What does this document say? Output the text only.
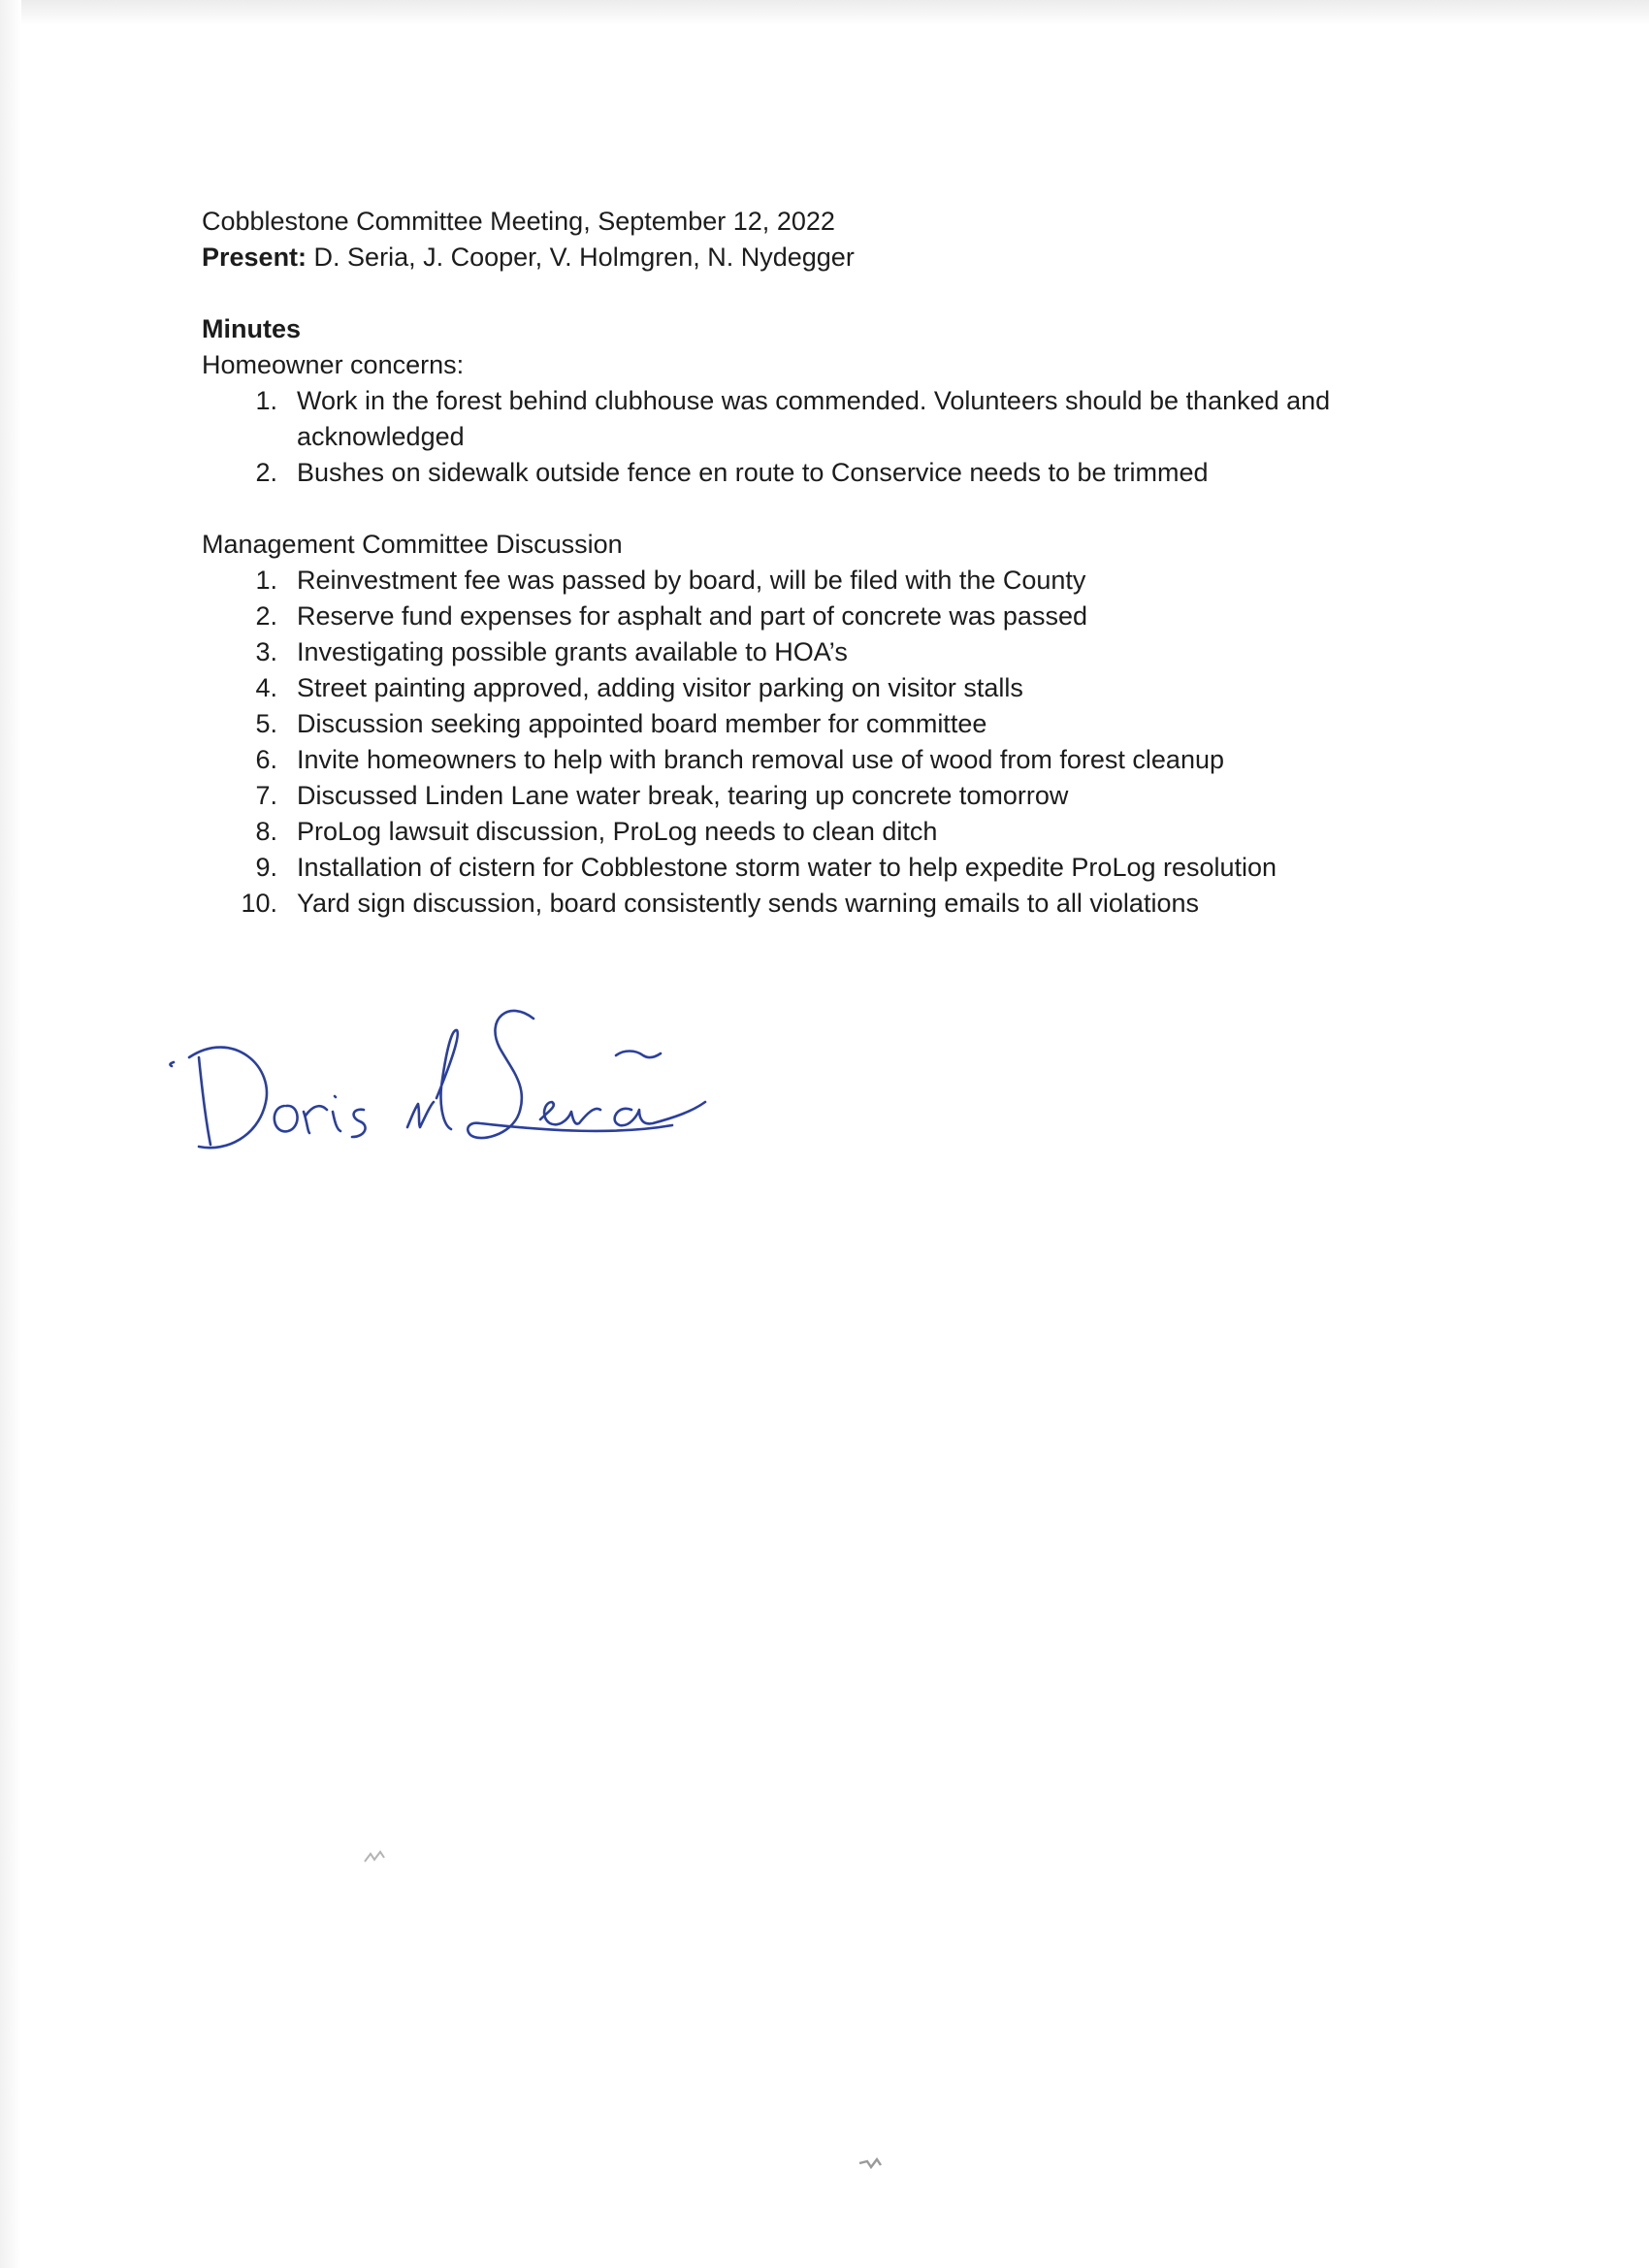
Cobblestone Committee Meeting, September 12, 2022

Present: D. Seria, J. Cooper, V. Holmgren, N. Nydegger

Minutes

Homeowner concerns:

1. Work in the forest behind clubhouse was commended. Volunteers should be thanked and acknowledged
2. Bushes on sidewalk outside fence en route to Conservice needs to be trimmed

Management Committee Discussion

1. Reinvestment fee was passed by board, will be filed with the County
2. Reserve fund expenses for asphalt and part of concrete was passed
3. Investigating possible grants available to HOA’s
4. Street painting approved, adding visitor parking on visitor stalls
5. Discussion seeking appointed board member for committee
6. Invite homeowners to help with branch removal use of wood from forest cleanup
7. Discussed Linden Lane water break, tearing up concrete tomorrow
8. ProLog lawsuit discussion, ProLog needs to clean ditch
9. Installation of cistern for Cobblestone storm water to help expedite ProLog resolution
10. Yard sign discussion, board consistently sends warning emails to all violations
